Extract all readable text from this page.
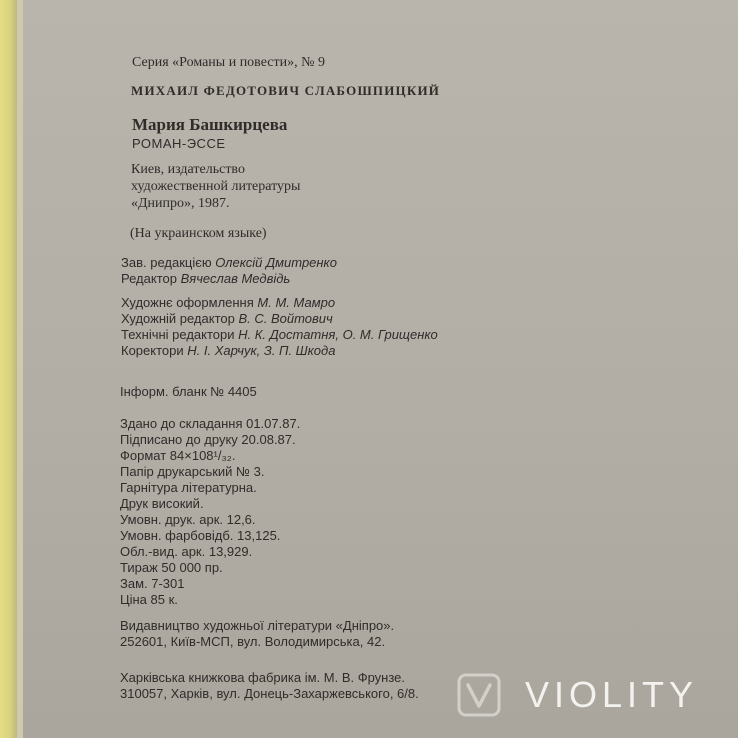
Серия «Романы и повести», № 9
МИХАИЛ ФЕДОТОВИЧ СЛАБОШПИЦКИЙ
Мария Башкирцева
РОМАН-ЭССЕ
Киев, издательство
художественной литературы
«Днипро», 1987.
(На украинском языке)
Зав. редакцією Олексій Дмитренко
Редактор Вячеслав Медвідь
Художнє оформлення М. М. Мамро
Художній редактор В. С. Войтович
Технічні редактори Н. К. Достатня, О. М. Грищенко
Коректори Н. І. Харчук, З. П. Шкода
Інформ. бланк № 4405
Здано до складання 01.07.87.
Підписано до друку 20.08.87.
Формат 84×108¹/₃₂.
Папір друкарський № 3.
Гарнітура літературна.
Друк високий.
Умовн. друк. арк. 12,6.
Умовн. фарбовідб. 13,125.
Обл.-вид. арк. 13,929.
Тираж 50 000 пр.
Зам. 7-301
Ціна 85 к.
Видавництво художньої літератури «Дніпро».
252601, Київ-МСП, вул. Володимирська, 42.
Харківська книжкова фабрика ім. М. В. Фрунзе.
310057, Харків, вул. Донець-Захаржевського, 6/8.	VIOLITY
